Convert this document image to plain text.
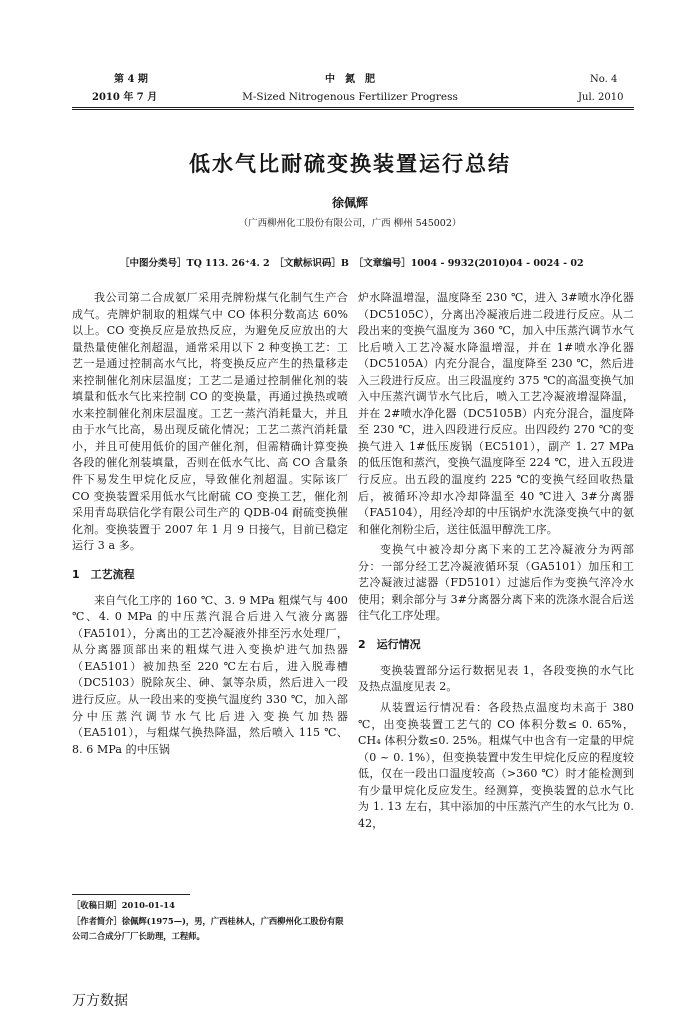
第 4 期
2010 年 7 月
中　氮　肥
M-Sized Nitrogenous Fertilizer Progress
No. 4
Jul. 2010
低水气比耐硫变换装置运行总结
徐佩辉
（广西柳州化工股份有限公司，广西 柳州 545002）
［中图分类号］TQ 113. 26⁺4. 2　［文献标识码］B　［文章编号］1004 - 9932(2010)04 - 0024 - 02

我公司第二合成氨厂采用壳牌粉煤气化制气生产合成气。壳牌炉制取的粗煤气中 CO 体积分数高达 60% 以上。CO 变换反应是放热反应，为避免反应放出的大量热量使催化剂超温，通常采用以下 2 种变换工艺：工艺一是通过控制高水气比，将变换反应产生的热量移走来控制催化剂床层温度；工艺二是通过控制催化剂的装填量和低水气比来控制 CO 的变换量，再通过换热或喷水来控制催化剂床层温度。工艺一蒸汽消耗量大，并且由于水气比高，易出现反硫化情况；工艺二蒸汽消耗量小，并且可使用低价的国产催化剂，但需精确计算变换各段的催化剂装填量，否则在低水气比、高 CO 含量条件下易发生甲烷化反应，导致催化剂超温。实际该厂 CO 变换装置采用低水气比耐硫 CO 变换工艺，催化剂采用青岛联信化学有限公司生产的 QDB-04 耐硫变换催化剂。变换装置于 2007 年 1 月 9 日接气，目前已稳定运行 3 a 多。

1　工艺流程

来自气化工序的 160 ℃、3. 9 MPa 粗煤气与 400 ℃、4. 0 MPa 的中压蒸汽混合后进入气液分离器（FA5101），分离出的工艺冷凝液外排至污水处理厂，从分离器顶部出来的粗煤气进入变换炉进气加热器（EA5101）被加热至 220 ℃左右后，进入脱毒槽（DC5103）脱除灰尘、砷、氯等杂质，然后进入一段进行反应。从一段出来的变换气温度约 330 ℃，加入部分中压蒸汽调节水气比后进入变换气加热器（EA5101），与粗煤气换热降温，然后喷入 115 ℃、8. 6 MPa 的中压锅

炉水降温增湿，温度降至 230 ℃，进入 3#喷水净化器（DC5105C），分离出冷凝液后进二段进行反应。从二段出来的变换气温度为 360 ℃，加入中压蒸汽调节水气比后喷入工艺冷凝水降温增湿，并在 1#喷水净化器（DC5105A）内充分混合，温度降至 230 ℃，然后进入三段进行反应。出三段温度约 375 ℃的高温变换气加入中压蒸汽调节水气比后，喷入工艺冷凝液增湿降温，并在 2#喷水净化器（DC5105B）内充分混合，温度降至 230 ℃，进入四段进行反应。出四段约 270 ℃的变换气进入 1#低压废锅（EC5101），副产 1. 27 MPa 的低压饱和蒸汽，变换气温度降至 224 ℃，进入五段进行反应。出五段的温度约 225 ℃的变换气经回收热量后，被循环冷却水冷却降温至 40 ℃进入 3#分离器（FA5104），用经冷却的中压锅炉水洗涤变换气中的氨和催化剂粉尘后，送往低温甲醇洗工序。

变换气中被冷却分离下来的工艺冷凝液分为两部分：一部分经工艺冷凝液循环泵（GA5101）加压和工艺冷凝液过滤器（FD5101）过滤后作为变换气淬冷水使用；剩余部分与 3#分离器分离下来的洗涤水混合后送往气化工序处理。

2　运行情况

变换装置部分运行数据见表 1，各段变换的水气比及热点温度见表 2。

从装置运行情况看：各段热点温度均未高于 380 ℃，出变换装置工艺气的 CO 体积分数≤ 0. 65%，CH₄ 体积分数≤0. 25%。粗煤气中也含有一定量的甲烷（0 ~ 0. 1%），但变换装置中发生甲烷化反应的程度较低，仅在一段出口温度较高（>360 ℃）时才能检测到有少量甲烷化反应发生。经测算，变换装置的总水气比为 1. 13 左右，其中添加的中压蒸汽产生的水气比为 0. 42，

［收稿日期］2010-01-14
［作者简介］徐佩辉(1975—)，男，广西桂林人，广西柳州化工股份有限公司二合成分厂厂长助理，工程师。
万方数据
